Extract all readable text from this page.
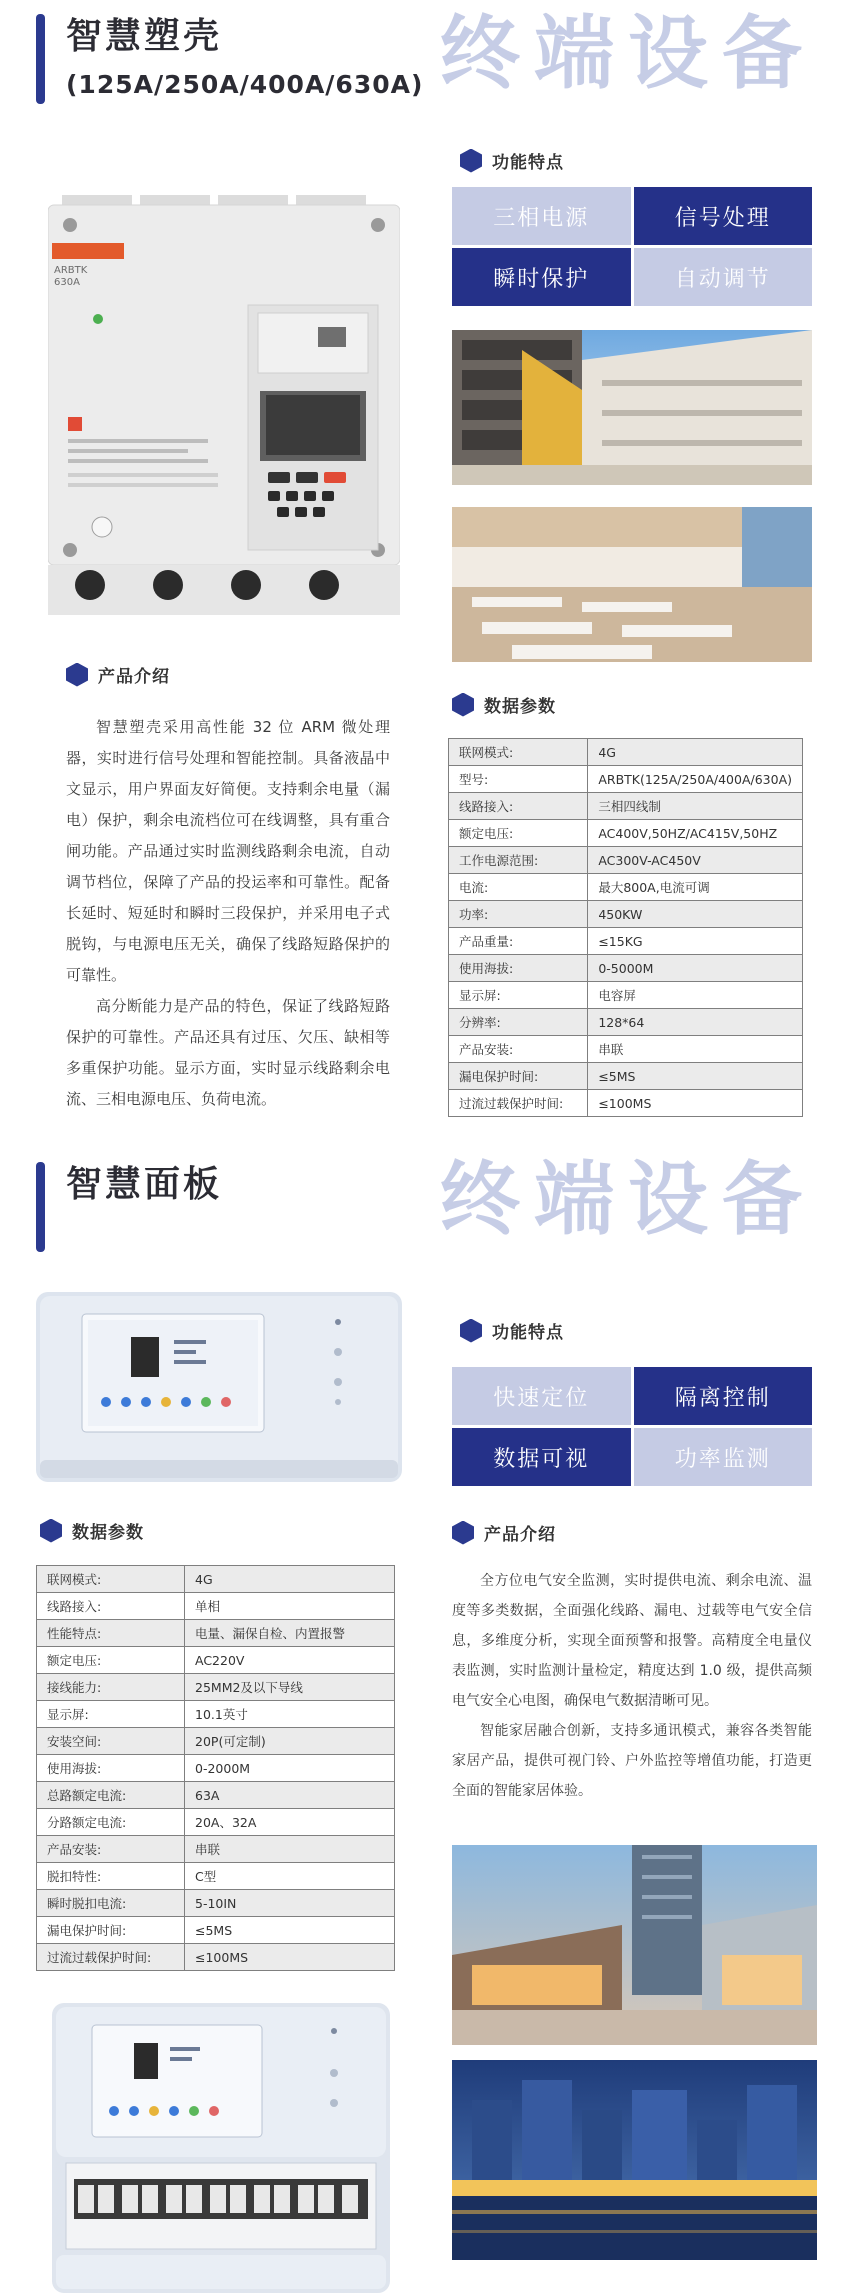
智慧塑壳
(125A/250A/400A/630A) 终端设备
ARBTK
630A
功能特点
三相电源	信号处理
瞬时保护	自动调节
产品介绍

智慧塑壳采用高性能 32 位 ARM 微处理器，实时进行信号处理和智能控制。具备液晶中文显示，用户界面友好简便。支持剩余电量（漏电）保护，剩余电流档位可在线调整，具有重合闸功能。产品通过实时监测线路剩余电流，自动调节档位，保障了产品的投运率和可靠性。配备长延时、短延时和瞬时三段保护，并采用电子式脱钩，与电源电压无关，确保了线路短路保护的可靠性。

高分断能力是产品的特色，保证了线路短路保护的可靠性。产品还具有过压、欠压、缺相等多重保护功能。显示方面，实时显示线路剩余电流、三相电源电压、负荷电流。

数据参数
联网模式:	4G
型号:	ARBTK(125A/250A/400A/630A)
线路接入:	三相四线制
额定电压:	AC400V,50HZ/AC415V,50HZ
工作电源范围:	AC300V-AC450V
电流:	最大800A,电流可调
功率:	450KW
产品重量:	≤15KG
使用海拔:	0-5000M
显示屏:	电容屏
分辨率:	128*64
产品安装:	串联
漏电保护时间:	≤5MS
过流过载保护时间:	≤100MS
智慧面板	终端设备
功能特点
快速定位	隔离控制
数据可视	功率监测
数据参数
联网模式:	4G
线路接入:	单相
性能特点:	电量、漏保自检、内置报警
额定电压:	AC220V
接线能力:	25MM2及以下导线
显示屏:	10.1英寸
安装空间:	20P(可定制)
使用海拔:	0-2000M
总路额定电流:	63A
分路额定电流:	20A、32A
产品安装:	串联
脱扣特性:	C型
瞬时脱扣电流:	5-10IN
漏电保护时间:	≤5MS
过流过载保护时间:	≤100MS
产品介绍

全方位电气安全监测，实时提供电流、剩余电流、温度等多类数据，全面强化线路、漏电、过载等电气安全信息，多维度分析，实现全面预警和报警。高精度全电量仪表监测，实时监测计量检定，精度达到 1.0 级，提供高频电气安全心电图，确保电气数据清晰可见。

智能家居融合创新，支持多通讯模式，兼容各类智能家居产品，提供可视门铃、户外监控等增值功能，打造更全面的智能家居体验。
